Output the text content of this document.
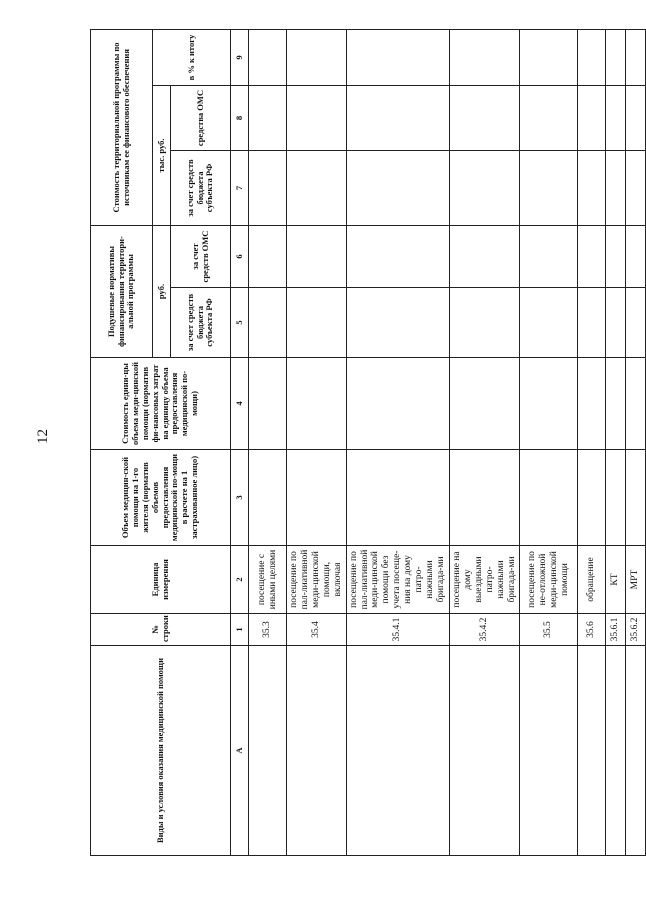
12
Виды и условия оказания медицинской помощи	№ строки	Единица измерения	Объем медицин-ской помощи на 1-го жителя (норматив объемов предоставления медицинской по-мощи в расчете на 1 застрахованное лицо)	Стоимость едини-цы объема меди-цинской помощи (норматив фи-нансовых затрат на единицу объема предоставления медицинской по-мощи)	Подушевые нормативы финансирования территори-альной программы		Стоимость территориальной программы по источникам ее финансового обеспечения		
					руб.		тыс. руб.		в % к итогу
					за счет средств бюджета субъекта РФ	за счет средств ОМС	за счет средств бюджета субъекта РФ	средства ОМС	
А	1	2	3	4	5	6	7	8	9
	35.3	посещение с иными целями							
	35.4	посещение по пал-лиативной меди-цинской помощи, включая							
	35.4.1	посещение по пал-лиативной меди-цинской помощи без учета посеще-ния на дому патро-нажными бригада-ми							
	35.4.2	посещение на дому выездными патро-нажными бригада-ми							
	35.5	посещение по не-отложной меди-цинской помощи							
	35.6	обращение							
	35.6.1	КТ							
	35.6.2	МРТ							
